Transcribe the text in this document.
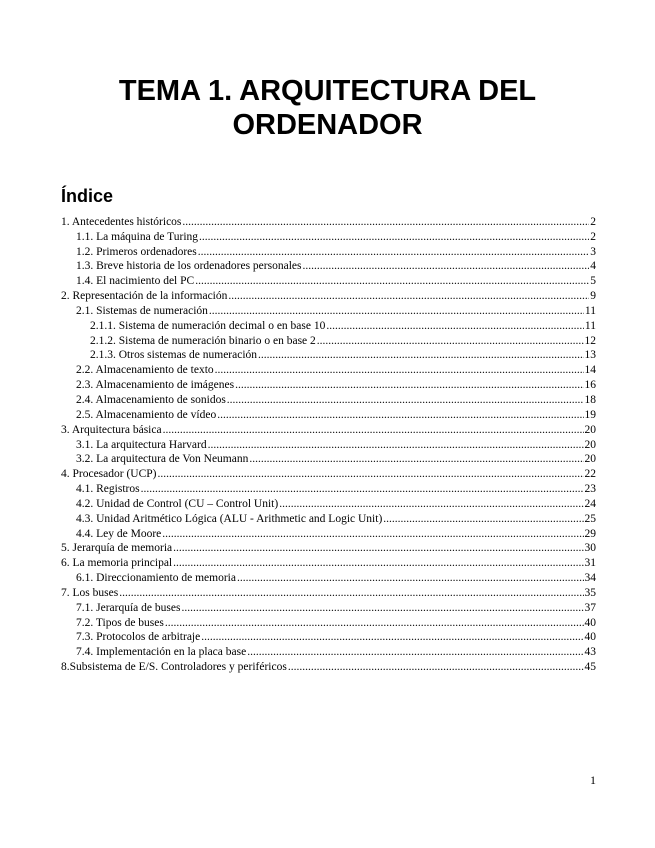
TEMA 1. ARQUITECTURA DEL
ORDENADOR
Índice
1. Antecedentes históricos .....	2
1.1. La máquina de Turing .....	2
1.2. Primeros ordenadores .....	3
1.3. Breve historia de los ordenadores personales .....	4
1.4. El nacimiento del PC .....	5
2. Representación de la información .....	9
2.1. Sistemas de numeración .....	11
2.1.1. Sistema de numeración decimal o en base 10 .....	11
2.1.2. Sistema de numeración binario o en base 2 .....	12
2.1.3. Otros sistemas de numeración .....	13
2.2. Almacenamiento de texto .....	14
2.3. Almacenamiento de imágenes .....	16
2.4. Almacenamiento de sonidos .....	18
2.5. Almacenamiento de vídeo .....	19
3. Arquitectura básica .....	20
3.1. La arquitectura Harvard .....	20
3.2. La arquitectura de Von Neumann .....	20
4. Procesador (UCP) .....	22
4.1. Registros .....	23
4.2. Unidad de Control (CU – Control Unit) .....	24
4.3. Unidad Aritmético Lógica (ALU - Arithmetic and Logic Unit) .....	25
4.4. Ley de Moore .....	29
5. Jerarquía de memoria .....	30
6. La memoria principal .....	31
6.1. Direccionamiento de memoria .....	34
7. Los buses .....	35
7.1. Jerarquía de buses .....	37
7.2. Tipos de buses .....	40
7.3. Protocolos de arbitraje .....	40
7.4. Implementación en la placa base .....	43
8.Subsistema de E/S. Controladores y periféricos .....	45
1
